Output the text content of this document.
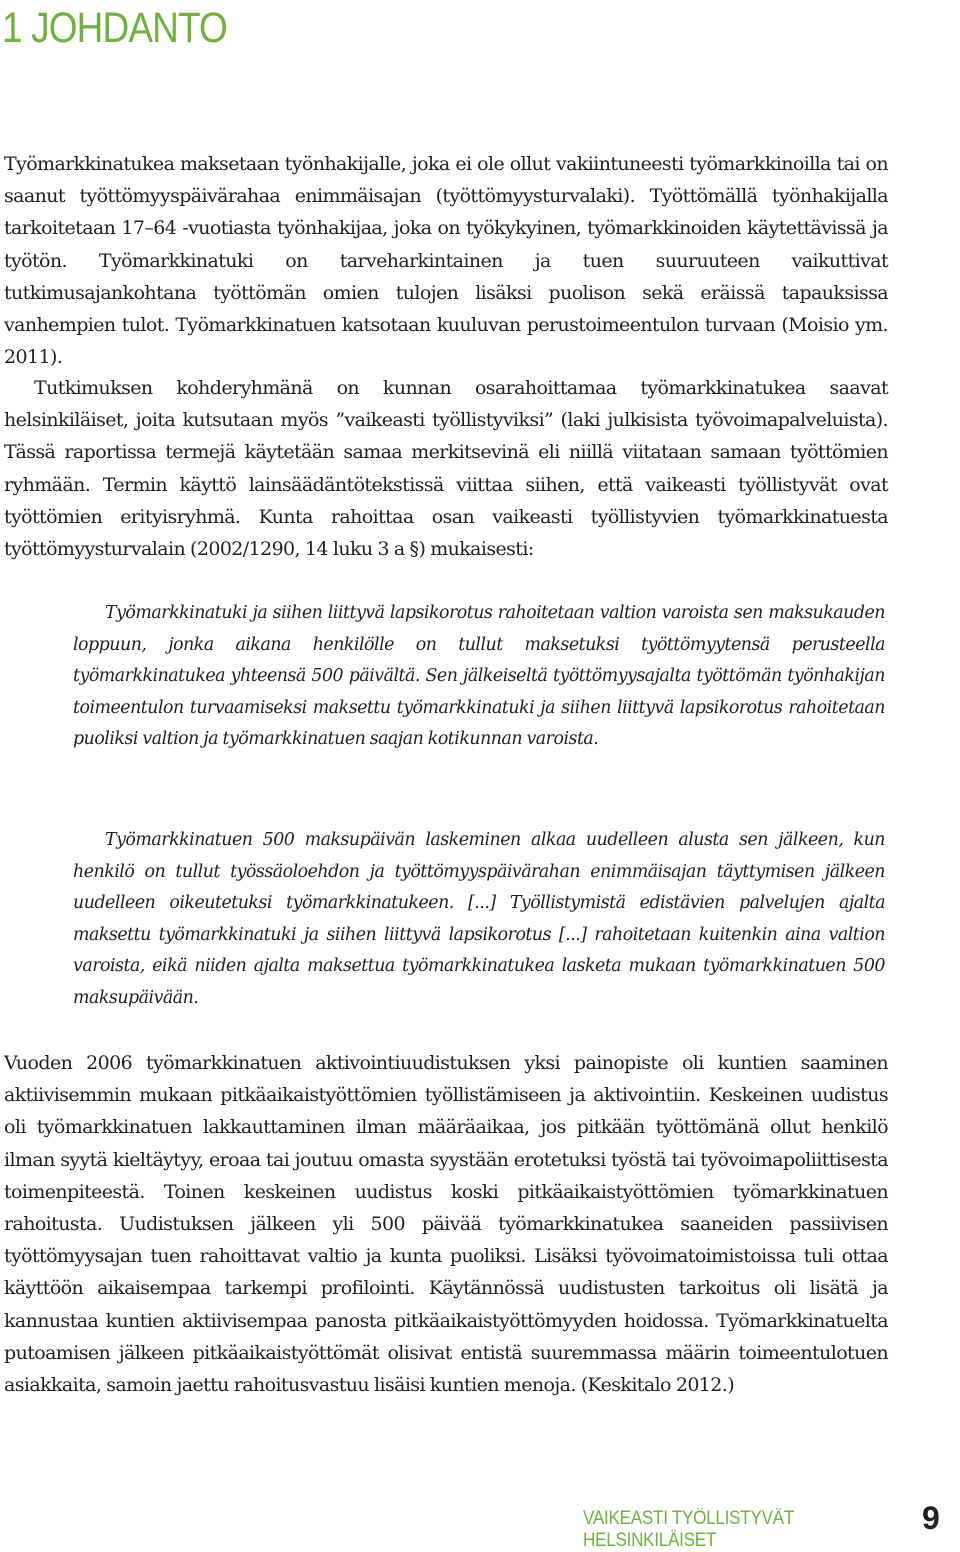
1 JOHDANTO

Työmarkkinatukea maksetaan työnhakijalle, joka ei ole ollut vakiintuneesti työmarkkinoilla tai on saanut työttömyyspäivärahaa enimmäisajan (työttömyysturvalaki). Työttömällä työnhakijalla tarkoitetaan 17–64 -vuotiasta työnhakijaa, joka on työkykyinen, työmarkkinoiden käytettävissä ja työtön. Työmarkkinatuki on tarveharkintainen ja tuen suuruuteen vaikuttivat tutkimusajankohtana työttömän omien tulojen lisäksi puolison sekä eräissä tapauksissa vanhempien tulot. Työmarkkinatuen katsotaan kuuluvan perustoimeentulon turvaan (Moisio ym. 2011).

Tutkimuksen kohderyhmänä on kunnan osarahoittamaa työmarkkinatukea saavat helsinkiläiset, joita kutsutaan myös ”vaikeasti työllistyviksi” (laki julkisista työvoimapalveluista). Tässä raportissa termejä käytetään samaa merkitsevinä eli niillä viitataan samaan työttömien ryhmään. Termin käyttö lainsäädäntötekstissä viittaa siihen, että vaikeasti työllistyvät ovat työttömien erityisryhmä. Kunta rahoittaa osan vaikeasti työllistyvien työmarkkinatuesta työttömyysturvalain (2002/1290, 14 luku 3 a §) mukaisesti:

Työmarkkinatuki ja siihen liittyvä lapsikorotus rahoitetaan valtion varoista sen maksukauden loppuun, jonka aikana henkilölle on tullut maksetuksi työttömyytensä perusteella työmarkkinatukea yhteensä 500 päivältä. Sen jälkeiseltä työttömyysajalta työttömän työnhakijan toimeentulon turvaamiseksi maksettu työmarkkinatuki ja siihen liittyvä lapsikorotus rahoitetaan puoliksi valtion ja työmarkkinatuen saajan kotikunnan varoista.

Työmarkkinatuen 500 maksupäivän laskeminen alkaa uudelleen alusta sen jälkeen, kun henkilö on tullut työssäoloehdon ja työttömyyspäivärahan enimmäisajan täyttymisen jälkeen uudelleen oikeutetuksi työmarkkinatukeen. [...] Työllistymistä edistävien palvelujen ajalta maksettu työmarkkinatuki ja siihen liittyvä lapsikorotus [...] rahoitetaan kuitenkin aina valtion varoista, eikä niiden ajalta maksettua työmarkkinatukea lasketa mukaan työmarkkinatuen 500 maksupäivään.

Vuoden 2006 työmarkkinatuen aktivointiuudistuksen yksi painopiste oli kuntien saaminen aktiivisemmin mukaan pitkäaikaistyöttömien työllistämiseen ja aktivointiin. Keskeinen uudistus oli työmarkkinatuen lakkauttaminen ilman määräaikaa, jos pitkään työttömänä ollut henkilö ilman syytä kieltäytyy, eroaa tai joutuu omasta syystään erotetuksi työstä tai työvoimapoliittisesta toimenpiteestä. Toinen keskeinen uudistus koski pitkäaikaistyöttömien työmarkkinatuen rahoitusta. Uudistuksen jälkeen yli 500 päivää työmarkkinatukea saaneiden passiivisen työttömyysajan tuen rahoittavat valtio ja kunta puoliksi. Lisäksi työvoimatoimistoissa tuli ottaa käyttöön aikaisempaa tarkempi profilointi. Käytännössä uudistusten tarkoitus oli lisätä ja kannustaa kuntien aktiivisempaa panosta pitkäaikaistyöttömyyden hoidossa. Työmarkkinatuelta putoamisen jälkeen pitkäaikaistyöttömät olisivat entistä suuremmassa määrin toimeentulotuen asiakkaita, samoin jaettu rahoitusvastuu lisäisi kuntien menoja. (Keskitalo 2012.)

VAIKEASTI TYÖLLISTYVÄT HELSINKILÄISET
9
